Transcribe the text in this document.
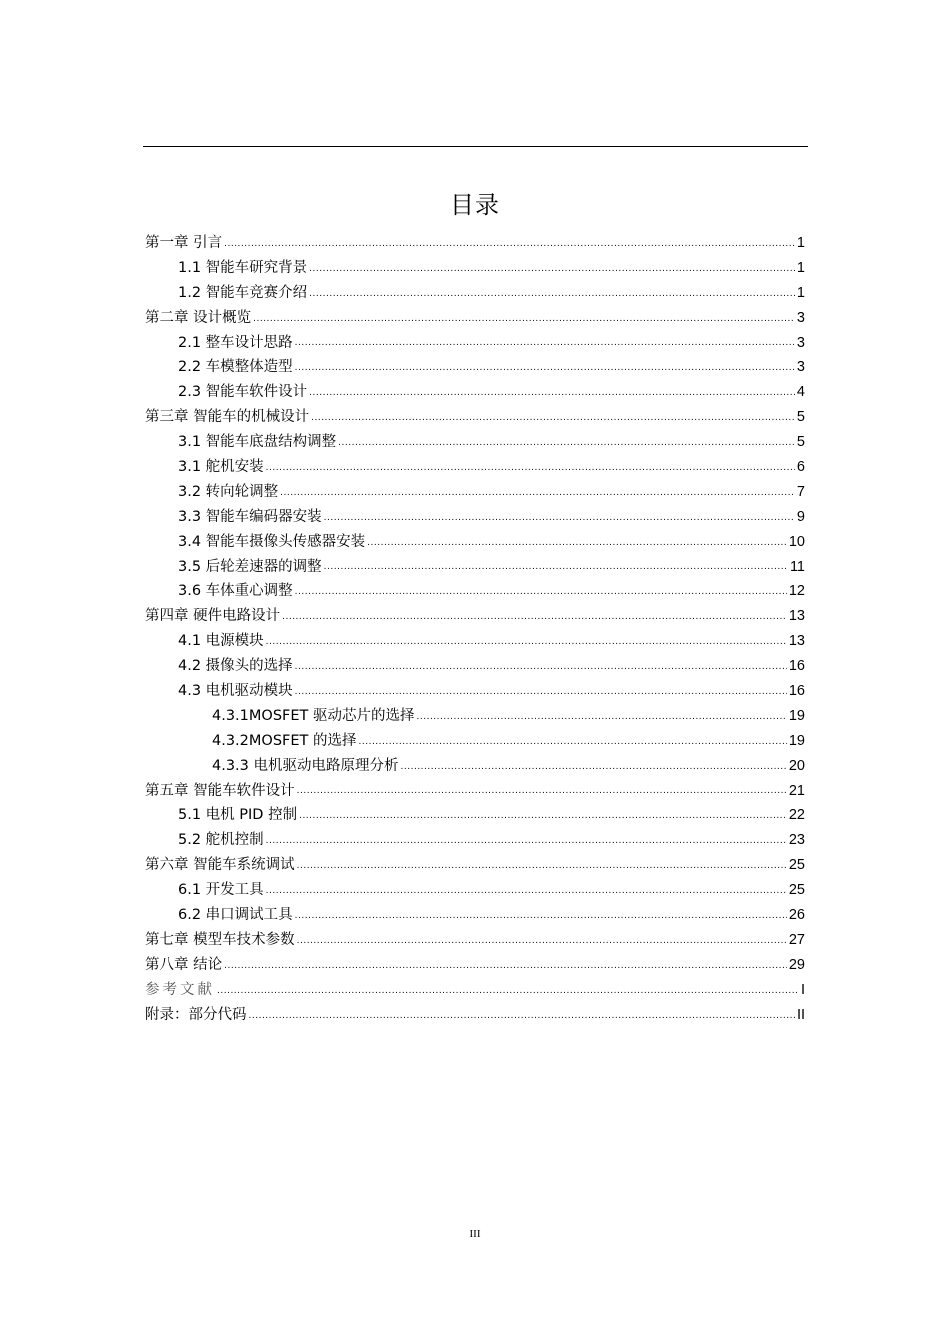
目录
第一章 引言 .....	1
1.1 智能车研究背景 .....	1
1.2 智能车竞赛介绍 .....	1
第二章 设计概览 .....	3
2.1 整车设计思路 .....	3
2.2 车模整体造型 .....	3
2.3 智能车软件设计 .....	4
第三章 智能车的机械设计 .....	5
3.1 智能车底盘结构调整 .....	5
3.1 舵机安装 .....	6
3.2 转向轮调整 .....	7
3.3 智能车编码器安装 .....	9
3.4 智能车摄像头传感器安装 .....	10
3.5 后轮差速器的调整 .....	11
3.6 车体重心调整 .....	12
第四章 硬件电路设计 .....	13
4.1 电源模块 .....	13
4.2 摄像头的选择 .....	16
4.3 电机驱动模块 .....	16
4.3.1MOSFET 驱动芯片的选择 .....	19
4.3.2MOSFET 的选择 .....	19
4.3.3 电机驱动电路原理分析 .....	20
第五章 智能车软件设计 .....	21
5.1 电机 PID 控制 .....	22
5.2 舵机控制 .....	23
第六章 智能车系统调试 .....	25
6.1 开发工具 .....	25
6.2 串口调试工具 .....	26
第七章 模型车技术参数 .....	27
第八章 结论 .....	29
参考文献 .....	I
附录：部分代码 .....	II
III
